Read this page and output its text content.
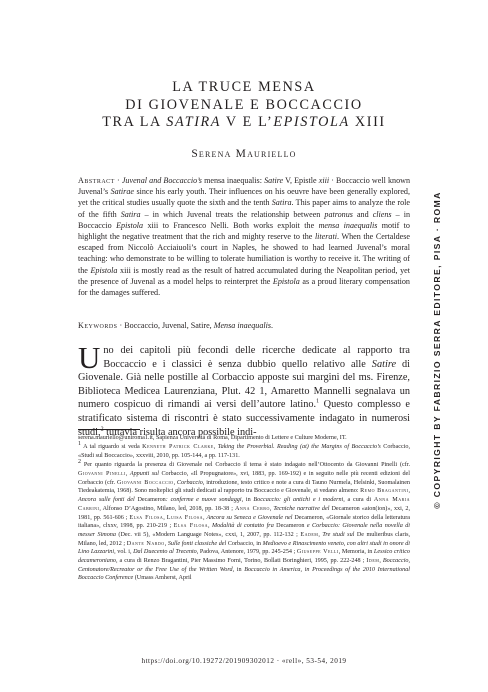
LA TRUCE MENSA
DI GIOVENALE E BOCCACCIO
TRA LA SATIRA V E L’EPISTOLA XIII
Serena Mauriello
Abstract · Juvenal and Boccaccio’s mensa inaequalis: Satire V, Epistle xiii · Boccaccio well known Juvenal’s Satirae since his early youth. Their influences on his oeuvre have been generally explored, yet the critical studies usually quote the sixth and the tenth Satira. This paper aims to analyze the role of the fifth Satira – in which Juvenal treats the relationship between patronus and cliens – in Boccaccio Epistola xiii to Francesco Nelli. Both works exploit the mensa inaequalis motif to highlight the negative treatment that the rich and mighty reserve to the literati. When the Certaldese escaped from Niccolò Acciaiuoli’s court in Naples, he showed to had learned Juvenal’s moral teaching: who demonstrate to be willing to tolerate humiliation is worthy to receive it. The writing of the Epistola xiii is mostly read as the result of hatred accumulated during the Neapolitan period, yet the presence of Juvenal as a model helps to reinterpret the Epistola as a proud literary compensation for the damages suffered.
Keywords · Boccaccio, Juvenal, Satire, Mensa inaequalis.
Uno dei capitoli più fecondi delle ricerche dedicate al rapporto tra Boccaccio e i classici è senza dubbio quello relativo alle Satire di Giovenale. Già nelle postille al Corbaccio apposte sui margini del ms. Firenze, Biblioteca Medicea Laurenziana, Plut. 42 1, Amaretto Mannelli segnalava un numero cospicuo di rimandi ai versi dell’autore latino.$^1$ Questo complesso e stratificato sistema di riscontri è stato successivamente indagato in numerosi studi,$^2$ tuttavia risulta ancora possibile indi-

serena.mauriello@uniroma1.it, Sapienza Università di Roma, Dipartimento di Lettere e Culture Moderne, IT.

$^1$ A tal riguardo si veda Kenneth Patrick Clarke, Taking the Proverbial. Reading (at) the Margins of Boccaccio’s Corbaccio, «Studi sul Boccaccio», xxxviii, 2010, pp. 105-144, a pp. 117-131.

$^2$ Per quanto riguarda la presenza di Giovenale nel Corbaccio il tema è stato indagato nell’Ottocento da Giovanni Pinelli (cfr. Giovanni Pinelli, Appunti sul Corbaccio, «Il Propugnatore», xvi, 1883, pp. 169-192) e in seguito nelle più recenti edizioni del Corbaccio (cfr. Giovanni Boccaccio, Corbaccio, introduzione, testo critico e note a cura di Tauno Nurmela, Helsinki, Suomalainen Tiedeakatemia, 1968). Sono molteplici gli studi dedicati al rapporto tra Boccaccio e Giovenale, si vedano almeno: Remo Bragantini, Ancora sulle fonti del Decameron: conferme e nuove sondaggi, in Boccaccio: gli antichi e i moderni, a cura di Anna Maria Cabrini, Alfonso D’Agostino, Milano, led, 2018, pp. 18-38 ; Anna Cerbo, Tecniche narrative del Decameron «aion(ion)», xxi, 2, 1981, pp. 561-606 ; Elsa Filosa, Luisa Filosa, Ancora su Seneca e Giovenale nel Decameron, «Giornale storico della letteratura italiana», clxxv, 1998, pp. 210-219 ; Elsa Filosa, Modalità di contatto fra Decameron e Corbaccio: Giovenale nella novella di messer Simona (Dec. vii 5), «Modern Language Notes», cxxi, 1, 2007, pp. 112-132 ; Eadem, Tre studi sul De mulieribus claris, Milano, led, 2012 ; Dante Nardo, Sulle fonti classiche del Corbaccio, in Medioevo e Rinascimento veneto, con altri studi in onore di Lino Lazzarini, vol. i, Dal Duecento al Trecento, Padova, Antenore, 1979, pp. 245-254 ; Giuseppe Velli, Memoria, in Lessico critico decameroniano, a cura di Renzo Bragantini, Pier Massimo Forni, Torino, Bollati Boringhieri, 1995, pp. 222-248 ; Idem, Boccaccio, Centonatore/Recreator or the Free Use of the Written Word, in Boccaccio in America, in Proceedings of the 2010 International Boccaccio Conference (Umass Amherst, April

https://doi.org/10.19272/201909302012 · «rell», 53-54, 2019
© COPYRIGHT BY FABRIZIO SERRA EDITORE, PISA · ROMA
